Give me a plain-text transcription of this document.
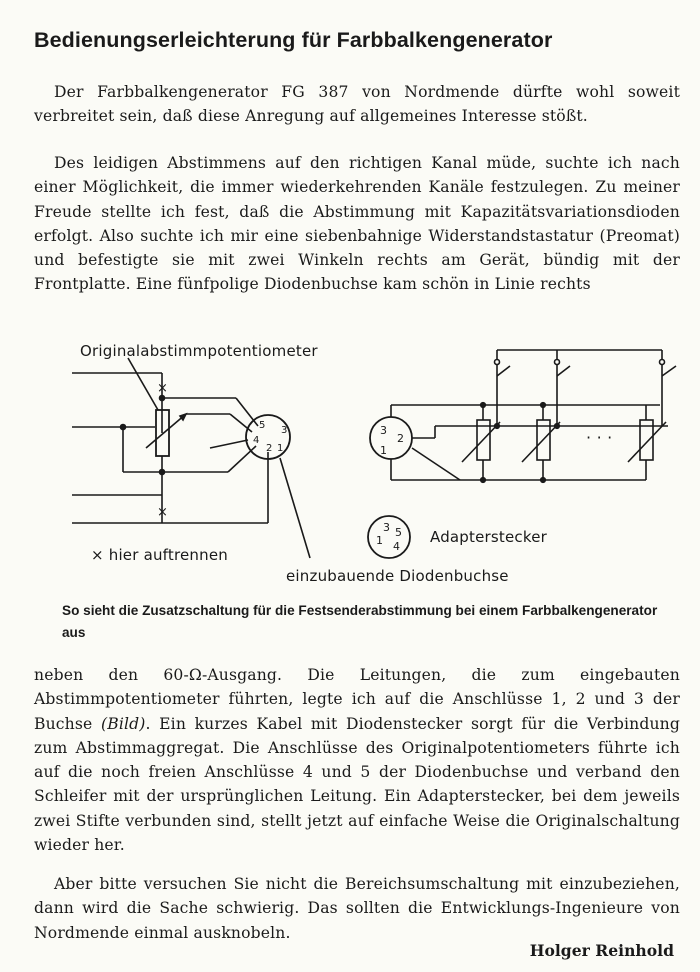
Bedienungserleichterung für Farbbalkengenerator
Der Farbbalkengenerator FG 387 von Nordmende dürfte wohl soweit verbreitet sein, daß diese Anregung auf allgemeines Interesse stößt.
Des leidigen Abstimmens auf den richtigen Kanal müde, suchte ich nach einer Möglichkeit, die immer wiederkehrenden Kanäle festzulegen. Zu meiner Freude stellte ich fest, daß die Abstimmung mit Kapazitätsvariationsdioden erfolgt. Also suchte ich mir eine siebenbahnige Widerstandstastatur (Preomat) und befestigte sie mit zwei Winkeln rechts am Gerät, bündig mit der Frontplatte. Eine fünfpolige Diodenbuchse kam schön in Linie rechts
×
×
Originalabstimmpotentiometer
× hier auftrennen
einzubauende Diodenbuchse
Adapterstecker
· · ·
5 3
4
2 1
3
1
2
3
1
5
4
So sieht die Zusatzschaltung für die Festsenderabstimmung bei einem Farbbalkengenerator aus
neben den 60-Ω-Ausgang. Die Leitungen, die zum eingebauten Abstimmpotentiometer führten, legte ich auf die Anschlüsse 1, 2 und 3 der Buchse (Bild). Ein kurzes Kabel mit Diodenstecker sorgt für die Verbindung zum Abstimmaggregat. Die Anschlüsse des Originalpotentiometers führte ich auf die noch freien Anschlüsse 4 und 5 der Diodenbuchse und verband den Schleifer mit der ursprünglichen Leitung. Ein Adapterstecker, bei dem jeweils zwei Stifte verbunden sind, stellt jetzt auf einfache Weise die Originalschaltung wieder her.
Aber bitte versuchen Sie nicht die Bereichsumschaltung mit einzubeziehen, dann wird die Sache schwierig. Das sollten die Entwicklungs-Ingenieure von Nordmende einmal ausknobeln.
Holger Reinhold
